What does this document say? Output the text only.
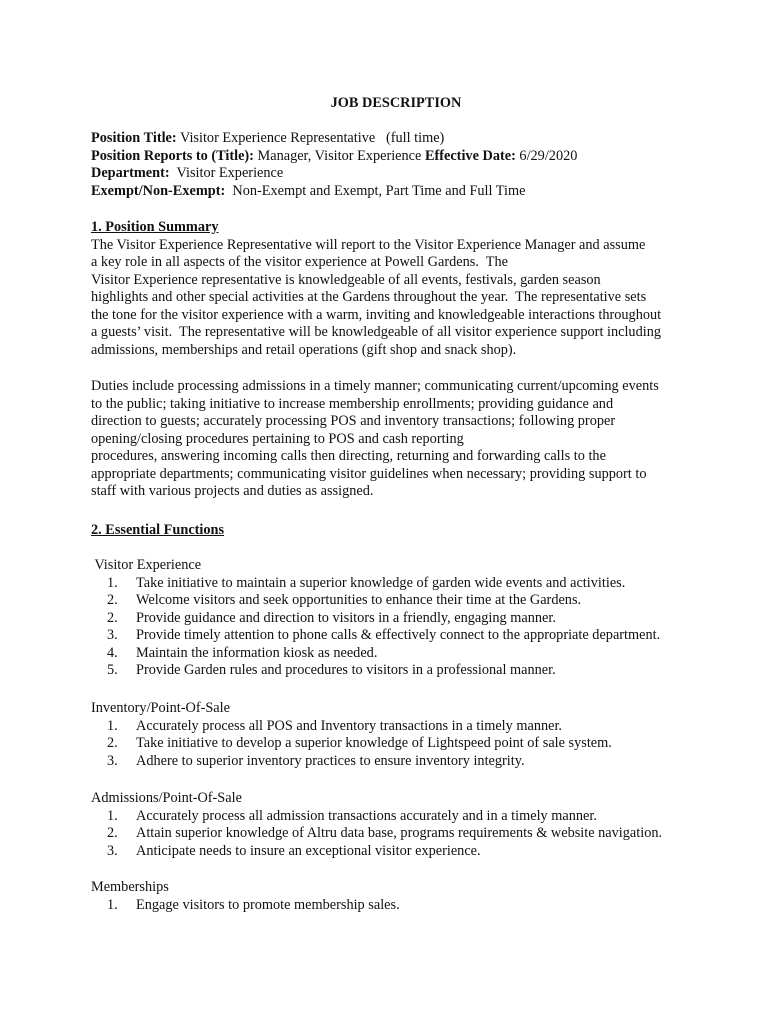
JOB DESCRIPTION
Position Title: Visitor Experience Representative   (full time)
Position Reports to (Title): Manager, Visitor Experience Effective Date: 6/29/2020
Department:  Visitor Experience
Exempt/Non-Exempt:  Non-Exempt and Exempt, Part Time and Full Time
1. Position Summary
The Visitor Experience Representative will report to the Visitor Experience Manager and assume
a key role in all aspects of the visitor experience at Powell Gardens.  The
Visitor Experience representative is knowledgeable of all events, festivals, garden season
highlights and other special activities at the Gardens throughout the year.  The representative sets
the tone for the visitor experience with a warm, inviting and knowledgeable interactions throughout
a guests’ visit.  The representative will be knowledgeable of all visitor experience support including
admissions, memberships and retail operations (gift shop and snack shop).
Duties include processing admissions in a timely manner; communicating current/upcoming events
to the public; taking initiative to increase membership enrollments; providing guidance and
direction to guests; accurately processing POS and inventory transactions; following proper
opening/closing procedures pertaining to POS and cash reporting
procedures, answering incoming calls then directing, returning and forwarding calls to the
appropriate departments; communicating visitor guidelines when necessary; providing support to
staff with various projects and duties as assigned.
2. Essential Functions
Visitor Experience
1.	Take initiative to maintain a superior knowledge of garden wide events and activities.
2.	Welcome visitors and seek opportunities to enhance their time at the Gardens.
2.	Provide guidance and direction to visitors in a friendly, engaging manner.
3.	Provide timely attention to phone calls & effectively connect to the appropriate department.
4.	Maintain the information kiosk as needed.
5.	Provide Garden rules and procedures to visitors in a professional manner.
Inventory/Point-Of-Sale
1.	Accurately process all POS and Inventory transactions in a timely manner.
2.	Take initiative to develop a superior knowledge of Lightspeed point of sale system.
3.	Adhere to superior inventory practices to ensure inventory integrity.
Admissions/Point-Of-Sale
1.	Accurately process all admission transactions accurately and in a timely manner.
2.	Attain superior knowledge of Altru data base, programs requirements & website navigation.
3.	Anticipate needs to insure an exceptional visitor experience.
Memberships
1.	Engage visitors to promote membership sales.
